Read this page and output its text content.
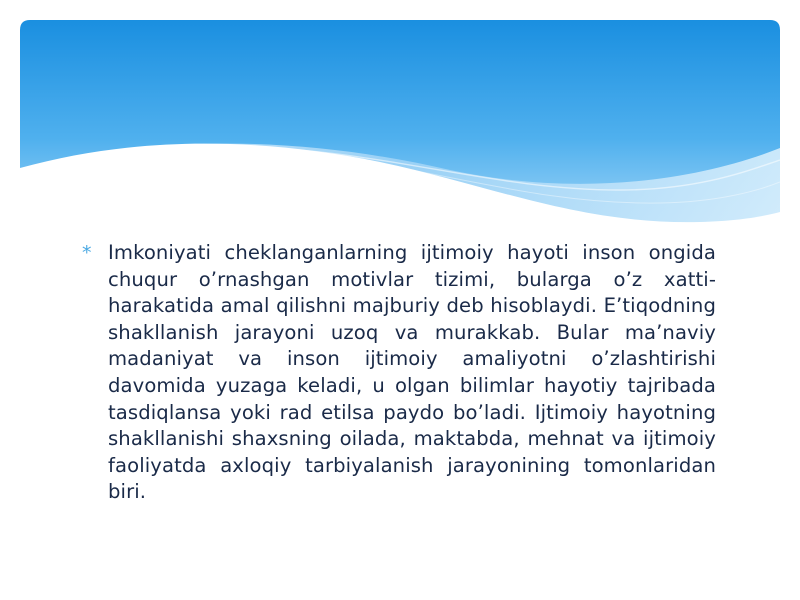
* Imkoniyati cheklanganlarning ijtimoiy hayoti inson ongida chuqur o’rnashgan motivlar tizimi, bularga o’z xatti-harakatida amal qilishni majburiy deb hisoblaydi. E’tiqodning shakllanish jarayoni uzoq va murakkab. Bular ma’naviy madaniyat va inson ijtimoiy amaliyotni o’zlashtirishi davomida yuzaga keladi, u olgan bilimlar hayotiy tajribada tasdiqlansa yoki rad etilsa paydo bo’ladi. Ijtimoiy hayotning shakllanishi shaxsning oilada, maktabda, mehnat va ijtimoiy faoliyatda axloqiy tarbiyalanish jarayonining tomonlaridan biri.
